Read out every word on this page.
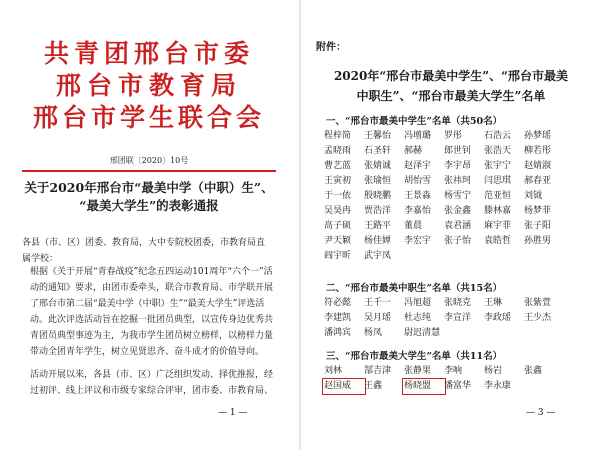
共青团邢台市委
邢台市教育局
邢台市学生联合会
邢团联〔2020〕10号
关于2020年邢台市“最美中学（中职）生”、
“最美大学生”的表彰通报

各县（市、区）团委、教育局，大中专院校团委，市教育局直属学校：

根据《关于开展“青春战疫”纪念五四运动101周年“六个一”活动的通知》要求，由团市委牵头，联合市教育局、市学联开展了邢台市第二届“最美中学（中职）生”“最美大学生”评选活动。此次评选活动旨在挖掘一批团员典型，以宣传身边优秀共青团员典型事迹为主，为我市学生团员树立榜样，以榜样力量带动全团青年学生，树立见贤思齐、奋斗成才的价值导向。

活动开展以来，各县（市、区）广泛组织发动、择优推报，经过初评、线上评议和市级专家综合评审，团市委、市教育局、

— 1 —
附件：
2020年“邢台市最美中学生”、“邢台市最美
中职生”、“邢台市最美大学生”名单
一、“邢台市最美中学生”名单（共50名）
程梓简	王馨怡	冯增璐	罗彤	石浩云	孙梦瑶
孟晓雨	石圣轩	郝赫	郎世钊	张浩天	柳若彤
曹艺蓝	张婧诚	赵泽宇	李宇昂	张宇宁	赵婧淑
王寅初	张瑜恒	胡怡雪	张祎珂	闫思琪	郝春亚
于一依	殷晓鹏	王景淼	杨雪宁	范亚恒	刘钺
吴昊冉	贾浩洋	李嘉怡	张金鑫	滕林嘉	杨梦菲
高子硕	王路平	董晨	袁君涵	麻宇菲	张子阳
尹天颖	杨佳婵	李宏宇	张子怡	袁皓哲	孙胜男
阎宇昕	武宇凤
二、“邢台市最美中职生”名单（共15名）
符必懿	王千一	冯旭超	张晓克	王琳	张紫萱
李建凯	吴月瑶	杜志纯	李宣洋	李政瑶	王少杰
潘鸿宾	杨凤	尉迟清慧
三、“邢台市最美大学生”名单（共11名）
刘林	郜吉津	张静果	李响	杨岩	张鑫
赵国威	王鑫	杨晓盟	潘富华	李永康
— 3 —
